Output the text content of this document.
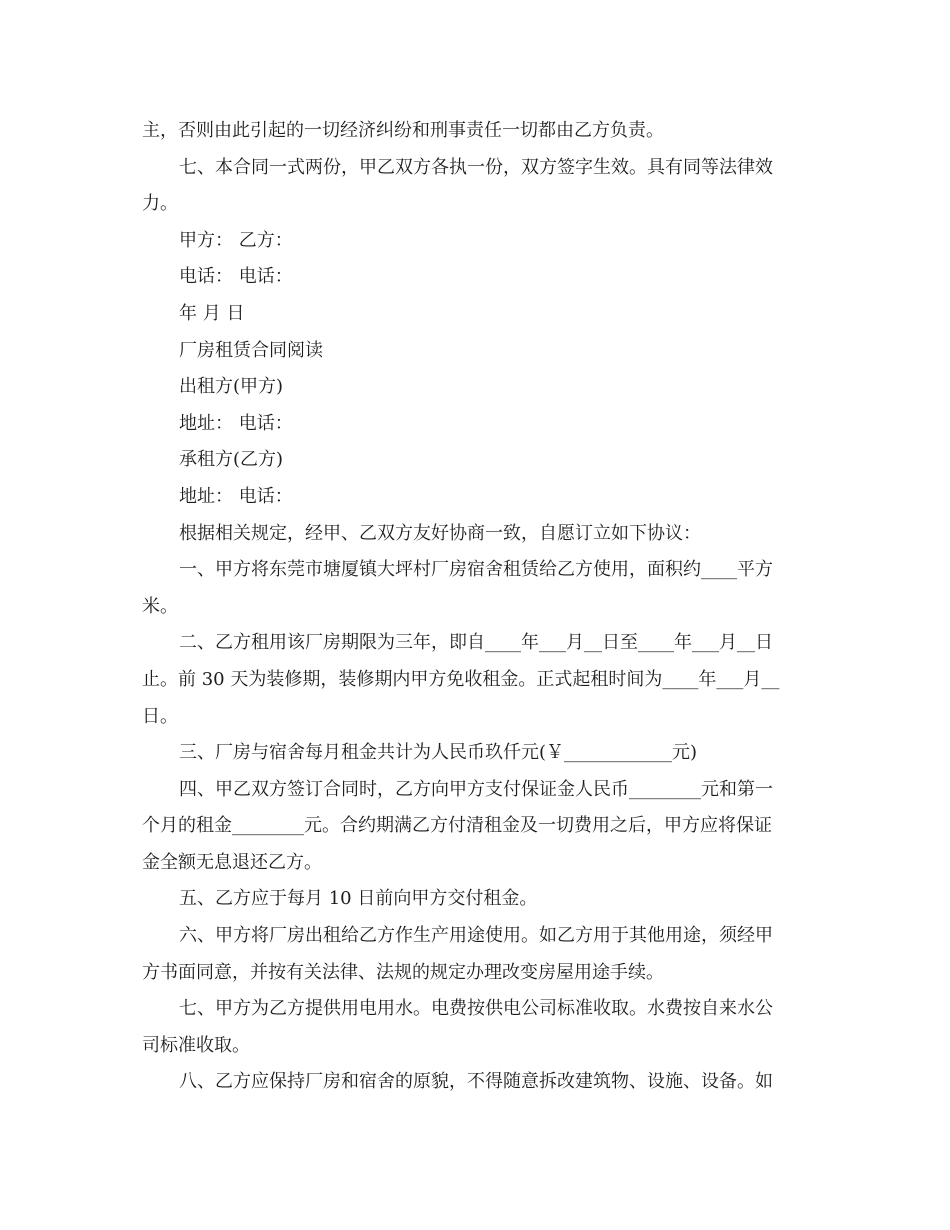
主，否则由此引起的一切经济纠纷和刑事责任一切都由乙方负责。
七、本合同一式两份，甲乙双方各执一份，双方签字生效。具有同等法律效
力。
甲方： 乙方：
电话： 电话：
年 月 日
厂房租赁合同阅读
出租方(甲方)
地址： 电话：
承租方(乙方)
地址： 电话：
根据相关规定，经甲、乙双方友好协商一致，自愿订立如下协议：
一、甲方将东莞市塘厦镇大坪村厂房宿舍租赁给乙方使用，面积约____平方
米。
二、乙方租用该厂房期限为三年，即自____年___月__日至____年___月__日
止。前 30 天为装修期，装修期内甲方免收租金。正式起租时间为____年___月__
日。
三、厂房与宿舍每月租金共计为人民币玖仟元(￥____________元)
四、甲乙双方签订合同时，乙方向甲方支付保证金人民币________元和第一
个月的租金________元。合约期满乙方付清租金及一切费用之后，甲方应将保证
金全额无息退还乙方。
五、乙方应于每月 10 日前向甲方交付租金。
六、甲方将厂房出租给乙方作生产用途使用。如乙方用于其他用途，须经甲
方书面同意，并按有关法律、法规的规定办理改变房屋用途手续。
七、甲方为乙方提供用电用水。电费按供电公司标准收取。水费按自来水公
司标准收取。
八、乙方应保持厂房和宿舍的原貌，不得随意拆改建筑物、设施、设备。如
